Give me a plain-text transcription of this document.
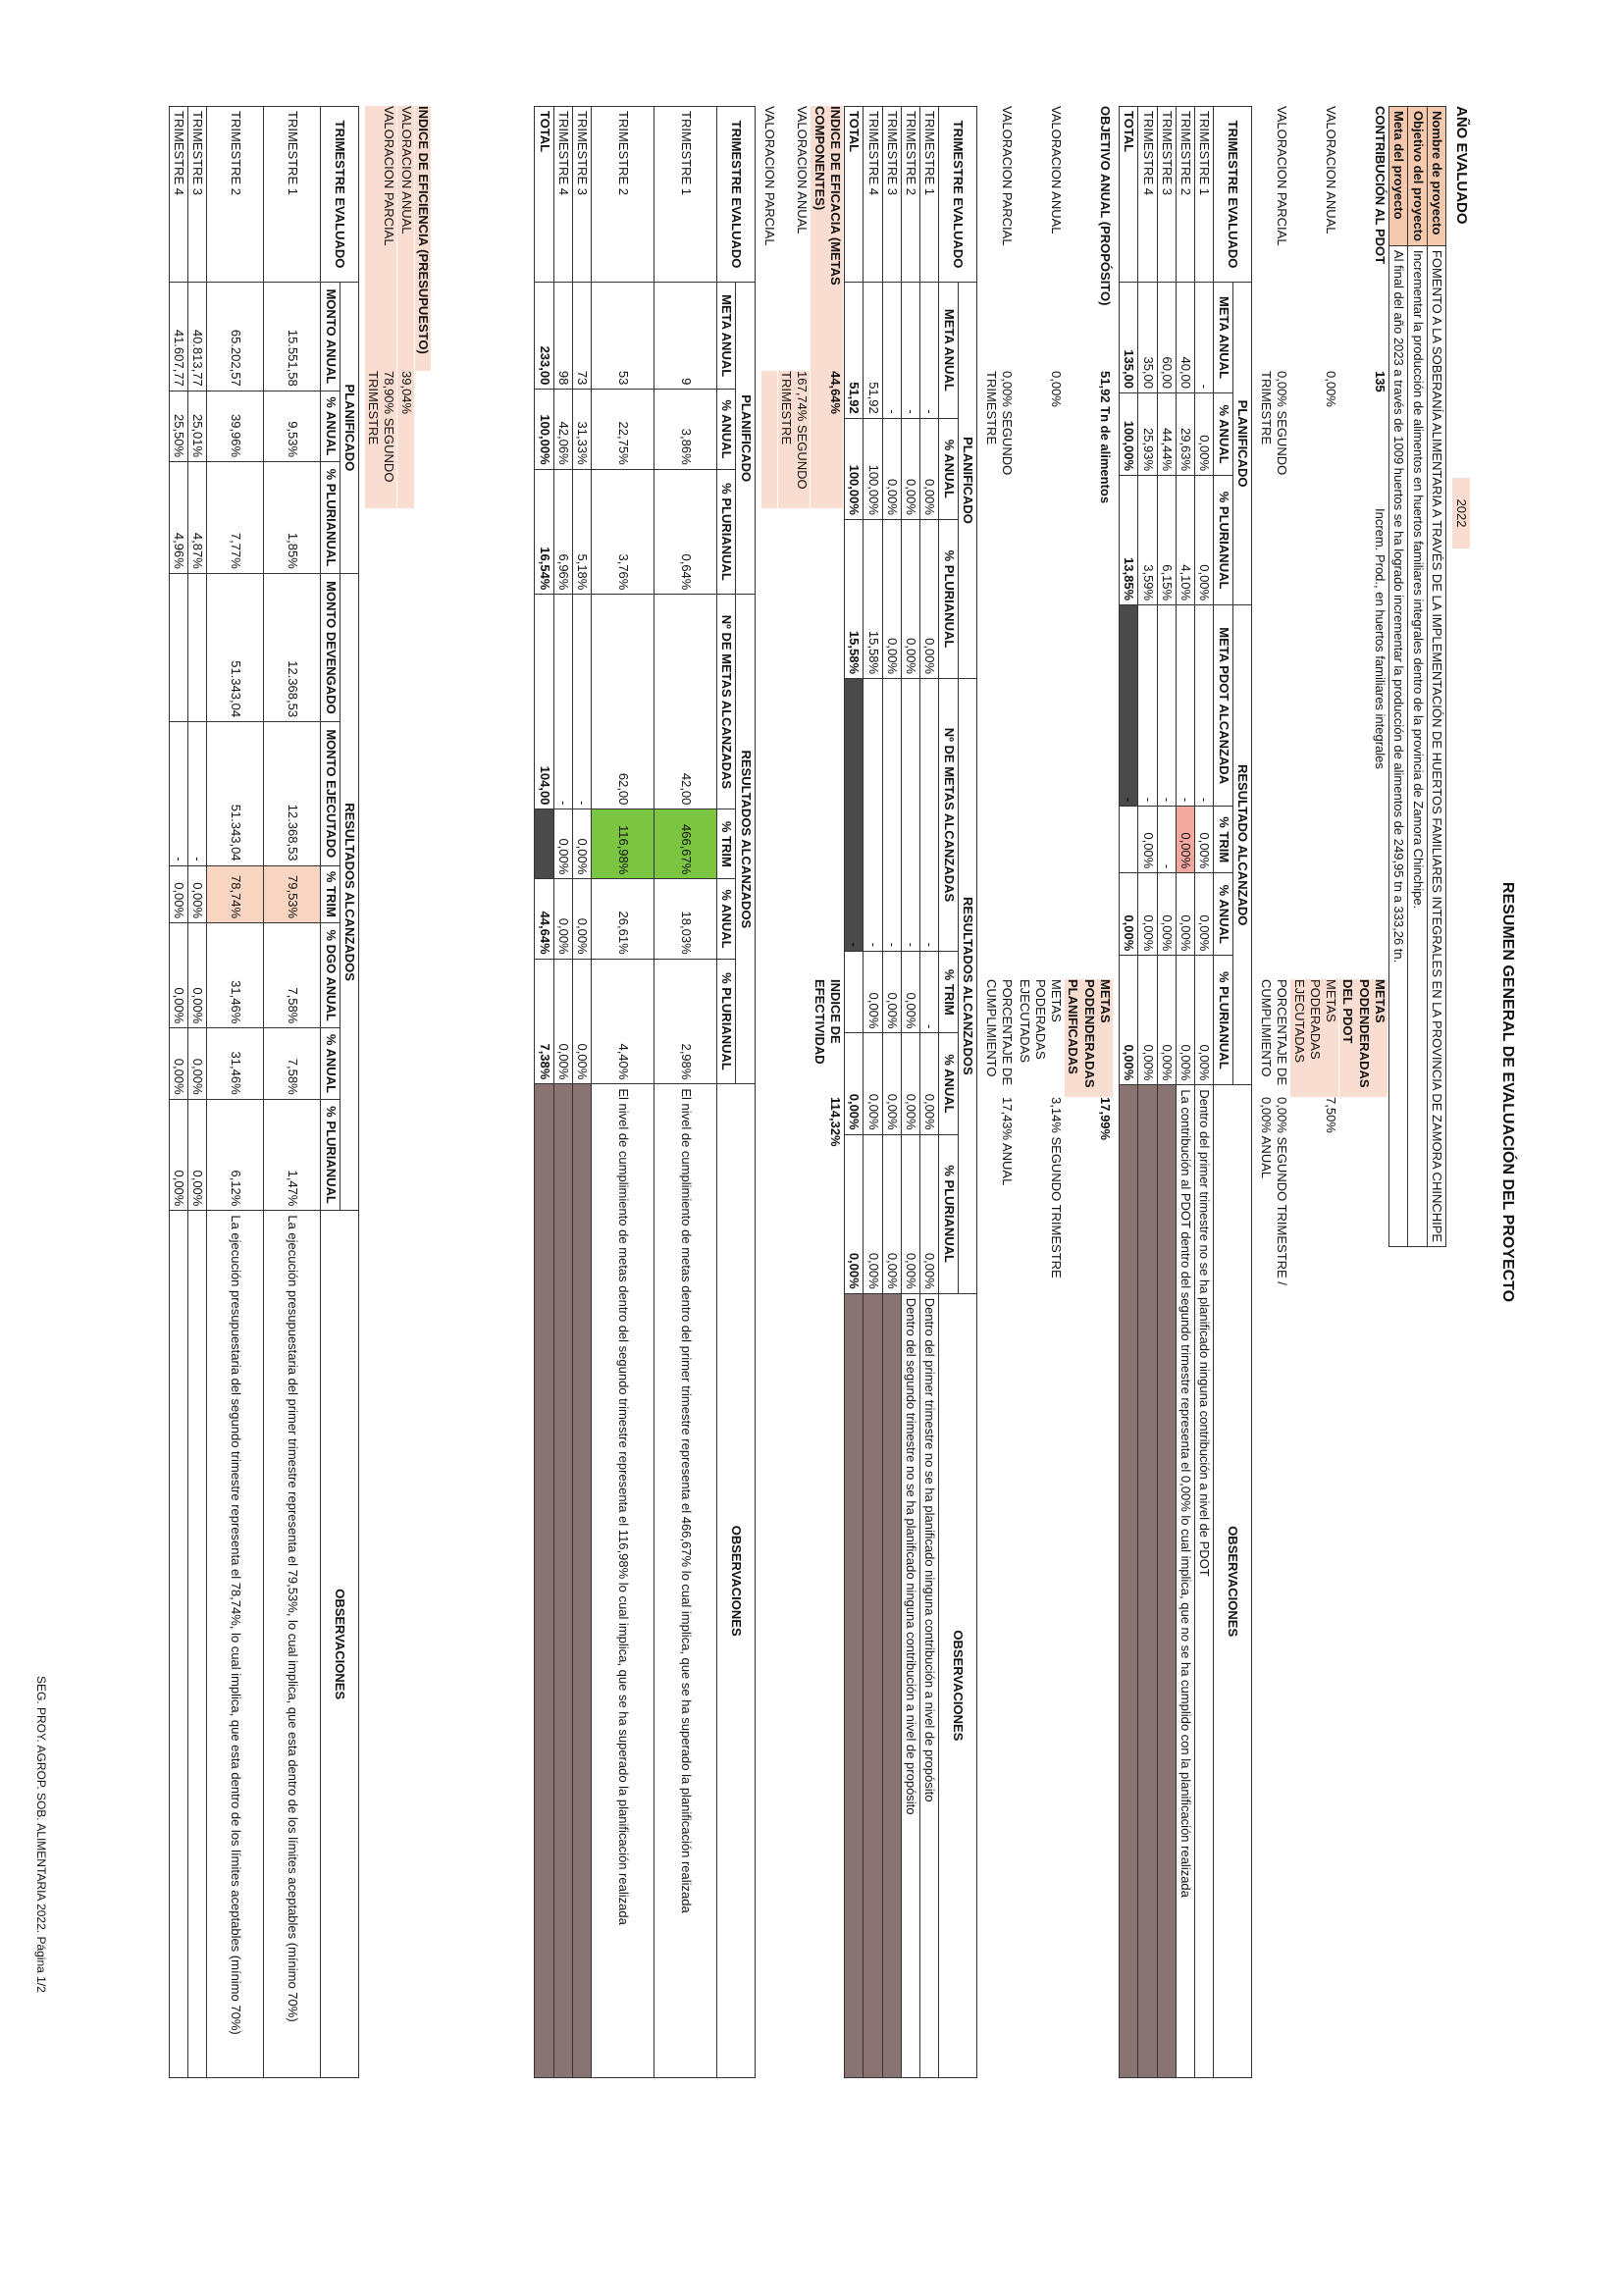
RESUMEN GENERAL DE EVALUACIÓN DEL PROYECTO
AÑO EVALUADO2022
Nombre de proyecto	FOMENTO A LA SOBERANÍA ALIMENTARIA A TRAVÉS DE LA IMPLEMENTACIÓN DE HUERTOS FAMILIARES INTEGRALES EN LA PROVINCIA DE ZAMORA CHINCHIPE
Objetivo del proyecto	Incrementar la producción de alimentos en huertos familiares integrales dentro de la provincia de Zamora Chinchipe.
Meta del proyecto	Al final del año 2023 a través de 1009 huertos se ha logrado incrementar la producción de alimentos de 249,95 tn a 333,26 tn.
CONTRIBUCIÓN AL PDOT
135
Increm. Prod., en huertos familiares integrales
METAS PODENDERADAS DEL PDOT
VALORACION ANUAL
0,00%
METAS PODERADAS EJECUTADAS
7,50%
VALORACION PARCIAL
0,00% SEGUNDO TRIMESTRE
PORCENTAJE DE CUMPLIMIENTO
0,00% SEGUNDO TRIMESTRE / 0,00% ANUAL
TRIMESTRE EVALUADO	PLANIFICADO			RESULTADO ALCANZADO				OBSERVACIONES
	META ANUAL	% ANUAL	% PLURIANUAL	META PDOT ALCANZADA	% TRIM	% ANUAL	% PLURIANUAL	
TRIMESTRE 1	-	0,00%	0,00%	-	0,00%	0,00%	0,00%	Dentro del primer trimestre no se ha planificado ninguna contribución a nivel de PDOT
TRIMESTRE 2	40,00	29,63%	4,10%	-	0,00%	0,00%	0,00%	La contribución al PDOT dentro del segundo trimestre representa el 0,00% lo cual implica, que no se ha cumplido con la planificación realizada
TRIMESTRE 3	60,00	44,44%	6,15%	-	-	0,00%	0,00%	
TRIMESTRE 4	35,00	25,93%	3,59%	-	0,00%	0,00%	0,00%	
TOTAL	135,00	100,00%	13,85%	-		0,00%	0,00%	
OBJETIVO ANUAL (PROPÓSITO)
51,92 Tn de alimentos
METAS PODENDERADAS PLANIFICADAS
17,99%
VALORACION ANUAL
0,00%
METAS PODERADAS EJECUTADAS
3,14% SEGUNDO TRIMESTRE
VALORACION PARCIAL
0,00% SEGUNDO TRIMESTRE
PORCENTAJE DE CUMPLIMIENTO
17,43% ANUAL
TRIMESTRE EVALUADO	PLANIFICADO			RESULTADOS ALCANZADOS				OBSERVACIONES
	META ANUAL	% ANUAL	% PLURIANUAL	Nº DE METAS ALCANZADAS	% TRIM	% ANUAL	% PLURIANUAL	
TRIMESTRE 1	-	0,00%	0,00%	-	-	0,00%	0,00%	Dentro del primer trimestre no se ha planificado ninguna contribución a nivel de propósito
TRIMESTRE 2	-	0,00%	0,00%	-	0,00%	0,00%	0,00%	Dentro del segundo trimestre no se ha planificado ninguna contribución a nivel de propósito
TRIMESTRE 3	-	0,00%	0,00%	-	0,00%	0,00%	0,00%	
TRIMESTRE 4	51,92	100,00%	15,58%	-	0,00%	0,00%	0,00%	
TOTAL	51,92	100,00%	15,58%	-		0,00%	0,00%	
INDICE DE EFICACIA (METAS COMPONENTES)
44,64%
INDICE DE EFECTIVIDAD
114,32%
VALORACION ANUAL
167,74% SEGUNDO TRIMESTRE
VALORACION PARCIAL
TRIMESTRE EVALUADO	PLANIFICADO			RESULTADOS ALCANZADOS				OBSERVACIONES
	META ANUAL	% ANUAL	% PLURIANUAL	Nº DE METAS ALCANZADAS	% TRIM	% ANUAL	% PLURIANUAL	
TRIMESTRE 1	9	3,86%	0,64%	42,00	466,67%	18,03%	2,98%	El nivel de cumplimiento de metas dentro del primer trimestre representa el 466,67% lo cual implica, que se ha superado la planificación realizada
TRIMESTRE 2	53	22,75%	3,76%	62,00	116,98%	26,61%	4,40%	El nivel de cumplimiento de metas dentro del segundo trimestre representa el 116,98% lo cual implica, que se ha superado la planificación realizada
TRIMESTRE 3	73	31,33%	5,18%	-	0,00%	0,00%	0,00%	
TRIMESTRE 4	98	42,06%	6,96%	-	0,00%	0,00%	0,00%	
TOTAL	233,00	100,00%	16,54%	104,00		44,64%	7,38%	
INDICE DE EFICIENCIA (PRESUPUESTO)
VALORACION ANUAL
39,04%
VALORACION PARCIAL
78,90% SEGUNDO TRIMESTRE
TRIMESTRE EVALUADO	PLANIFICADO			RESULTADOS ALCANZADOS						OBSERVACIONES
	MONTO ANUAL	% ANUAL	% PLURIANUAL	MONTO DEVENGADO	MONTO EJECUTADO	% TRIM	% DGO ANUAL	% ANUAL	% PLURIANUAL	
TRIMESTRE 1	15.551,58	9,53%	1,85%	12.368,53	12.368,53	79,53%	7,58%	7,58%	1,47%	La ejecución presupuestaria del primer trimestre representa el 79,53%, lo cual implica, que esta dentro de los límites aceptables (mínimo 70%)
TRIMESTRE 2	65.202,57	39,96%	7,77%	51.343,04	51.343,04	78,74%	31,46%	31,46%	6,12%	La ejecución presupuestaria del segundo trimestre representa el 78,74%, lo cual implica, que esta dentro de los límites aceptables (mínimo 70%)
TRIMESTRE 3	40.813,77	25,01%	4,87%		-	0,00%	0,00%	0,00%	0,00%	
TRIMESTRE 4	41.607,77	25,50%	4,96%		-	0,00%	0,00%	0,00%	0,00%	
SEG. PROY. AGROP. SOB. ALIMENTARIA 2022. Página 1/2
